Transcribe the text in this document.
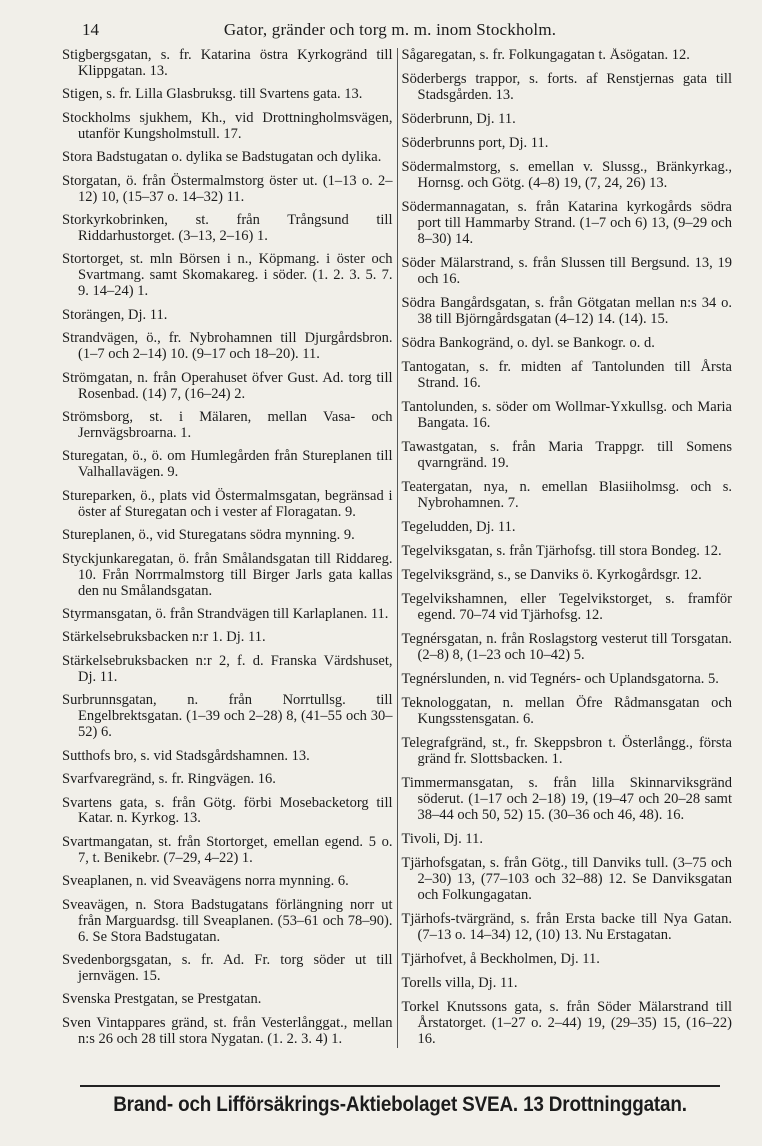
14	Gator, gränder och torg m. m. inom Stockholm.

Stigbergsgatan, s. fr. Katarina östra Kyrkogränd till Klippgatan. 13.

Stigen, s. fr. Lilla Glasbruksg. till Svartens gata. 13.

Stockholms sjukhem, Kh., vid Drottningholmsvägen, utanför Kungsholmstull. 17.

Stora Badstugatan o. dylika se Badstugatan och dylika.

Storgatan, ö. från Östermalmstorg öster ut. (1–13 o. 2–12) 10, (15–37 o. 14–32) 11.

Storkyrkobrinken, st. från Trångsund till Riddarhustorget. (3–13, 2–16) 1.

Stortorget, st. mln Börsen i n., Köpmang. i öster och Svartmang. samt Skomakareg. i söder. (1. 2. 3. 5. 7. 9. 14–24) 1.

Storängen, Dj. 11.

Strandvägen, ö., fr. Nybrohamnen till Djurgårdsbron. (1–7 och 2–14) 10. (9–17 och 18–20). 11.

Strömgatan, n. från Operahuset öfver Gust. Ad. torg till Rosenbad. (14) 7, (16–24) 2.

Strömsborg, st. i Mälaren, mellan Vasa- och Jernvägsbroarna. 1.

Sturegatan, ö., ö. om Humlegården från Stureplanen till Valhallavägen. 9.

Stureparken, ö., plats vid Östermalmsgatan, begränsad i öster af Sturegatan och i vester af Floragatan. 9.

Stureplanen, ö., vid Sturegatans södra mynning. 9.

Styckjunkaregatan, ö. från Smålandsgatan till Riddareg. 10. Från Norrmalmstorg till Birger Jarls gata kallas den nu Smålandsgatan.

Styrmansgatan, ö. från Strandvägen till Karlaplanen. 11.

Stärkelsebruksbacken n:r 1. Dj. 11.

Stärkelsebruksbacken n:r 2, f. d. Franska Värdshuset, Dj. 11.

Surbrunnsgatan, n. från Norrtullsg. till Engelbrektsgatan. (1–39 och 2–28) 8, (41–55 och 30–52) 6.

Sutthofs bro, s. vid Stadsgårdshamnen. 13.

Svarfvaregränd, s. fr. Ringvägen. 16.

Svartens gata, s. från Götg. förbi Mosebacketorg till Katar. n. Kyrkog. 13.

Svartmangatan, st. från Stortorget, emellan egend. 5 o. 7, t. Benikebr. (7–29, 4–22) 1.

Sveaplanen, n. vid Sveavägens norra mynning. 6.

Sveavägen, n. Stora Badstugatans förlängning norr ut från Marguardsg. till Sveaplanen. (53–61 och 78–90). 6. Se Stora Badstugatan.

Svedenborgsgatan, s. fr. Ad. Fr. torg söder ut till jernvägen. 15.

Svenska Prestgatan, se Prestgatan.

Sven Vintappares gränd, st. från Vesterlånggat., mellan n:s 26 och 28 till stora Nygatan. (1. 2. 3. 4) 1.

Sågaregatan, s. fr. Folkungagatan t. Åsögatan. 12.

Söderbergs trappor, s. forts. af Renstjernas gata till Stadsgården. 13.

Söderbrunn, Dj. 11.

Söderbrunns port, Dj. 11.

Södermalmstorg, s. emellan v. Slussg., Bränkyrkag., Hornsg. och Götg. (4–8) 19, (7, 24, 26) 13.

Södermannagatan, s. från Katarina kyrkogårds södra port till Hammarby Strand. (1–7 och 6) 13, (9–29 och 8–30) 14.

Söder Mälarstrand, s. från Slussen till Bergsund. 13, 19 och 16.

Södra Bangårdsgatan, s. från Götgatan mellan n:s 34 o. 38 till Björngårdsgatan (4–12) 14. (14). 15.

Södra Bankogränd, o. dyl. se Bankogr. o. d.

Tantogatan, s. fr. midten af Tantolunden till Årsta Strand. 16.

Tantolunden, s. söder om Wollmar-Yxkullsg. och Maria Bangata. 16.

Tawastgatan, s. från Maria Trappgr. till Somens qvarngränd. 19.

Teatergatan, nya, n. emellan Blasiiholmsg. och s. Nybrohamnen. 7.

Tegeludden, Dj. 11.

Tegelviksgatan, s. från Tjärhofsg. till stora Bondeg. 12.

Tegelviksgränd, s., se Danviks ö. Kyrkogårdsgr. 12.

Tegelvikshamnen, eller Tegelvikstorget, s. framför egend. 70–74 vid Tjärhofsg. 12.

Tegnérsgatan, n. från Roslagstorg vesterut till Torsgatan. (2–8) 8, (1–23 och 10–42) 5.

Tegnérslunden, n. vid Tegnérs- och Uplandsgatorna. 5.

Teknologgatan, n. mellan Öfre Rådmansgatan och Kungsstensgatan. 6.

Telegrafgränd, st., fr. Skeppsbron t. Österlångg., första gränd fr. Slottsbacken. 1.

Timmermansgatan, s. från lilla Skinnarviksgränd söderut. (1–17 och 2–18) 19, (19–47 och 20–28 samt 38–44 och 50, 52) 15. (30–36 och 46, 48). 16.

Tivoli, Dj. 11.

Tjärhofsgatan, s. från Götg., till Danviks tull. (3–75 och 2–30) 13, (77–103 och 32–88) 12. Se Danviksgatan och Folkungagatan.

Tjärhofs-tvärgränd, s. från Ersta backe till Nya Gatan. (7–13 o. 14–34) 12, (10) 13. Nu Erstagatan.

Tjärhofvet, å Beckholmen, Dj. 11.

Torells villa, Dj. 11.

Torkel Knutssons gata, s. från Söder Mälarstrand till Årstatorget. (1–27 o. 2–44) 19, (29–35) 15, (16–22) 16.

Brand- och Lifförsäkrings-Aktiebolaget SVEA. 13 Drottninggatan.
